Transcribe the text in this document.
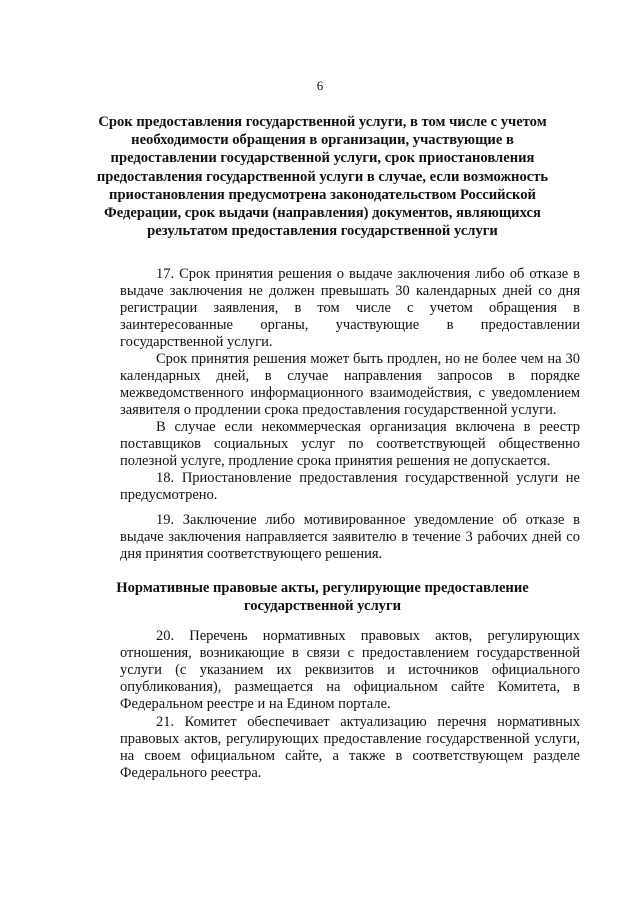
6
Срок предоставления государственной услуги, в том числе с учетом необходимости обращения в организации, участвующие в предоставлении государственной услуги, срок приостановления предоставления государственной услуги в случае, если возможность приостановления предусмотрена законодательством Российской Федерации, срок выдачи (направления) документов, являющихся результатом предоставления государственной услуги

17. Срок принятия решения о выдаче заключения либо об отказе в выдаче заключения не должен превышать 30 календарных дней со дня регистрации заявления, в том числе с учетом обращения в заинтересованные органы, участвующие в предоставлении государственной услуги.

Срок принятия решения может быть продлен, но не более чем на 30 календарных дней, в случае направления запросов в порядке межведомственного информационного взаимодействия, с уведомлением заявителя о продлении срока предоставления государственной услуги.

В случае если некоммерческая организация включена в реестр поставщиков социальных услуг по соответствующей общественно полезной услуге, продление срока принятия решения не допускается.

18. Приостановление предоставления государственной услуги не предусмотрено.

19. Заключение либо мотивированное уведомление об отказе в выдаче заключения направляется заявителю в течение 3 рабочих дней со дня принятия соответствующего решения.

Нормативные правовые акты, регулирующие предоставление государственной услуги

20. Перечень нормативных правовых актов, регулирующих отношения, возникающие в связи с предоставлением государственной услуги (с указанием их реквизитов и источников официального опубликования), размещается на официальном сайте Комитета, в Федеральном реестре и на Едином портале.

21. Комитет обеспечивает актуализацию перечня нормативных правовых актов, регулирующих предоставление государственной услуги, на своем официальном сайте, а также в соответствующем разделе Федерального реестра.
